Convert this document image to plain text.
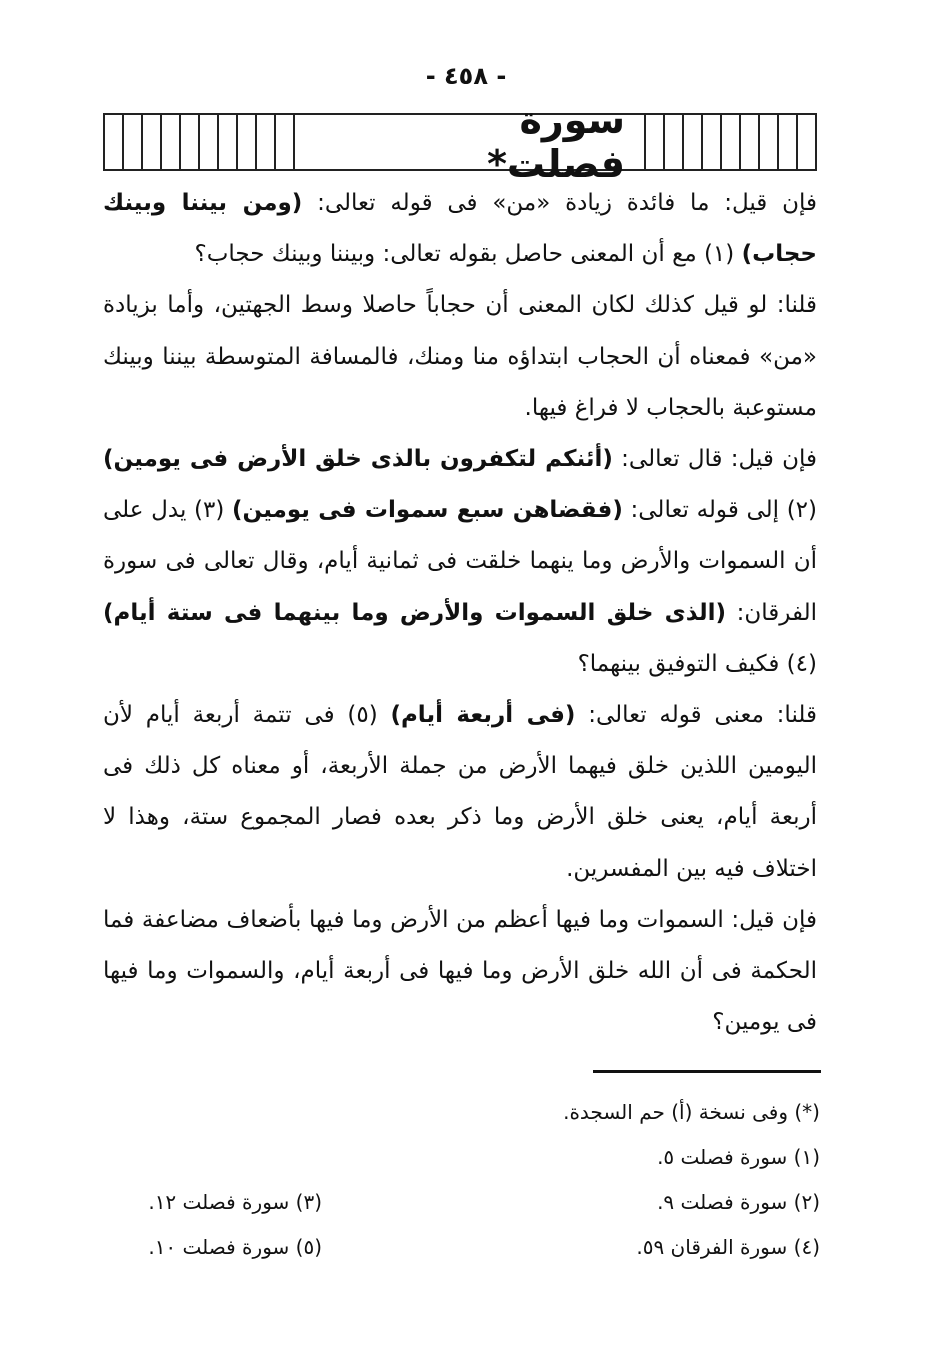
- ٤٥٨ -
سورة فصلت*

فإن قيل: ما فائدة زيادة «من» فى قوله تعالى: (ومن بيننا وبينك حجاب) (١) مع أن المعنى حاصل بقوله تعالى: وبيننا وبينك حجاب؟

قلنا: لو قيل كذلك لكان المعنى أن حجاباً حاصلا وسط الجهتين، وأما بزيادة «من» فمعناه أن الحجاب ابتداؤه منا ومنك، فالمسافة المتوسطة بيننا وبينك مستوعبة بالحجاب لا فراغ فيها.

فإن قيل: قال تعالى: (أئنكم لتكفرون بالذى خلق الأرض فى يومين) (٢) إلى قوله تعالى: (فقضاهن سبع سموات فى يومين) (٣) يدل على أن السموات والأرض وما ينهما خلقت فى ثمانية أيام، وقال تعالى فى سورة الفرقان: (الذى خلق السموات والأرض وما بينهما فى ستة أيام) (٤) فكيف التوفيق بينهما؟

قلنا: معنى قوله تعالى: (فى أربعة أيام) (٥) فى تتمة أربعة أيام لأن اليومين اللذين خلق فيهما الأرض من جملة الأربعة، أو معناه كل ذلك فى أربعة أيام، يعنى خلق الأرض وما ذكر بعده فصار المجموع ستة، وهذا لا اختلاف فيه بين المفسرين.

فإن قيل: السموات وما فيها أعظم من الأرض وما فيها بأضعاف مضاعفة فما الحكمة فى أن الله خلق الأرض وما فيها فى أربعة أيام، والسموات وما فيها فى يومين؟

(*) وفى نسخة (أ) حم السجدة.
(١) سورة فصلت ٥.
(٢) سورة فصلت ٩.
(٤) سورة الفرقان ٥٩.
(٣) سورة فصلت ١٢.
(٥) سورة فصلت ١٠.
